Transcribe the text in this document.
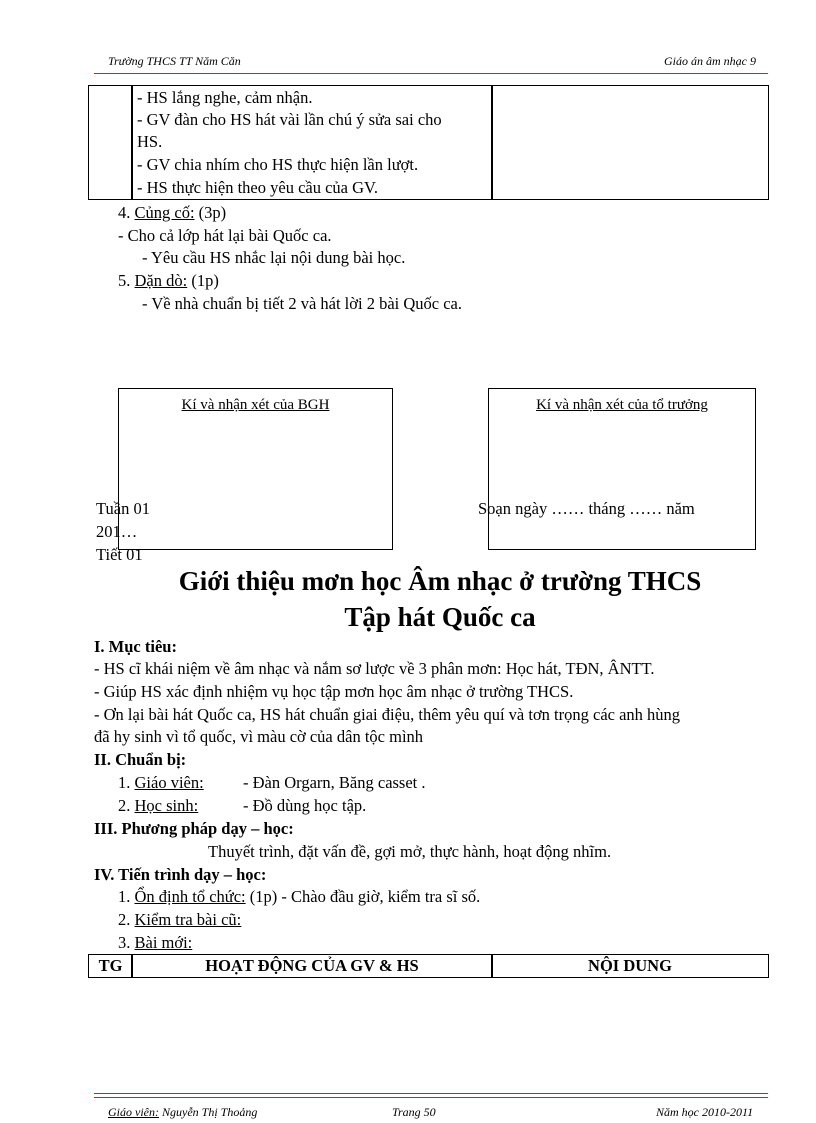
Trường THCS TT Năm Căn	Giáo án âm nhạc 9
- HS lắng nghe, cảm nhận.
- GV đàn cho HS hát vài lần chú ý sửa sai cho
HS.
- GV chia nhím cho HS thực hiện lần lượt.
- HS thực hiện theo yêu cầu của GV.
4. Củng cố: (3p)
- Cho cả lớp hát lại bài Quốc ca.
- Yêu cầu HS nhắc lại nội dung bài học.
5. Dặn dò: (1p)
- Về nhà chuẩn bị tiết 2 và hát lời 2 bài Quốc ca.
Kí và nhận xét của BGH	Kí và nhận xét của tổ trưởng
Tuần 01
201…
Tiết 01
Soạn ngày …… tháng …… năm
Giới thiệu mơn học Âm nhạc ở trường THCS
Tập hát Quốc ca
I. Mục tiêu:
- HS cĩ khái niệm về âm nhạc và nắm sơ lược về 3 phân mơn: Học hát, TĐN, ÂNTT.
- Giúp HS xác định nhiệm vụ học tập mơn học âm nhạc ở trường THCS.
- Ơn lại bài hát Quốc ca, HS hát chuẩn giai điệu, thêm yêu quí và tơn trọng các anh hùng
đã hy sinh vì tổ quốc, vì màu cờ của dân tộc mình
II. Chuẩn bị:
1. Giáo viên: - Đàn Orgarn, Băng casset .
2. Học sinh:	- Đồ dùng học tập.
III. Phương pháp dạy – học:
Thuyết trình, đặt vấn đề, gợi mở, thực hành, hoạt động nhĩm.
IV. Tiến trình dạy – học:
1. Ổn định tổ chức: (1p) - Chào đầu giờ, kiểm tra sĩ số.
2. Kiểm tra bài cũ:
3. Bài mới:
TG	HOẠT ĐỘNG CỦA GV & HS	NỘI DUNG
Giáo viên: Nguyễn Thị Thoảng	Trang 50	Năm học 2010-2011
